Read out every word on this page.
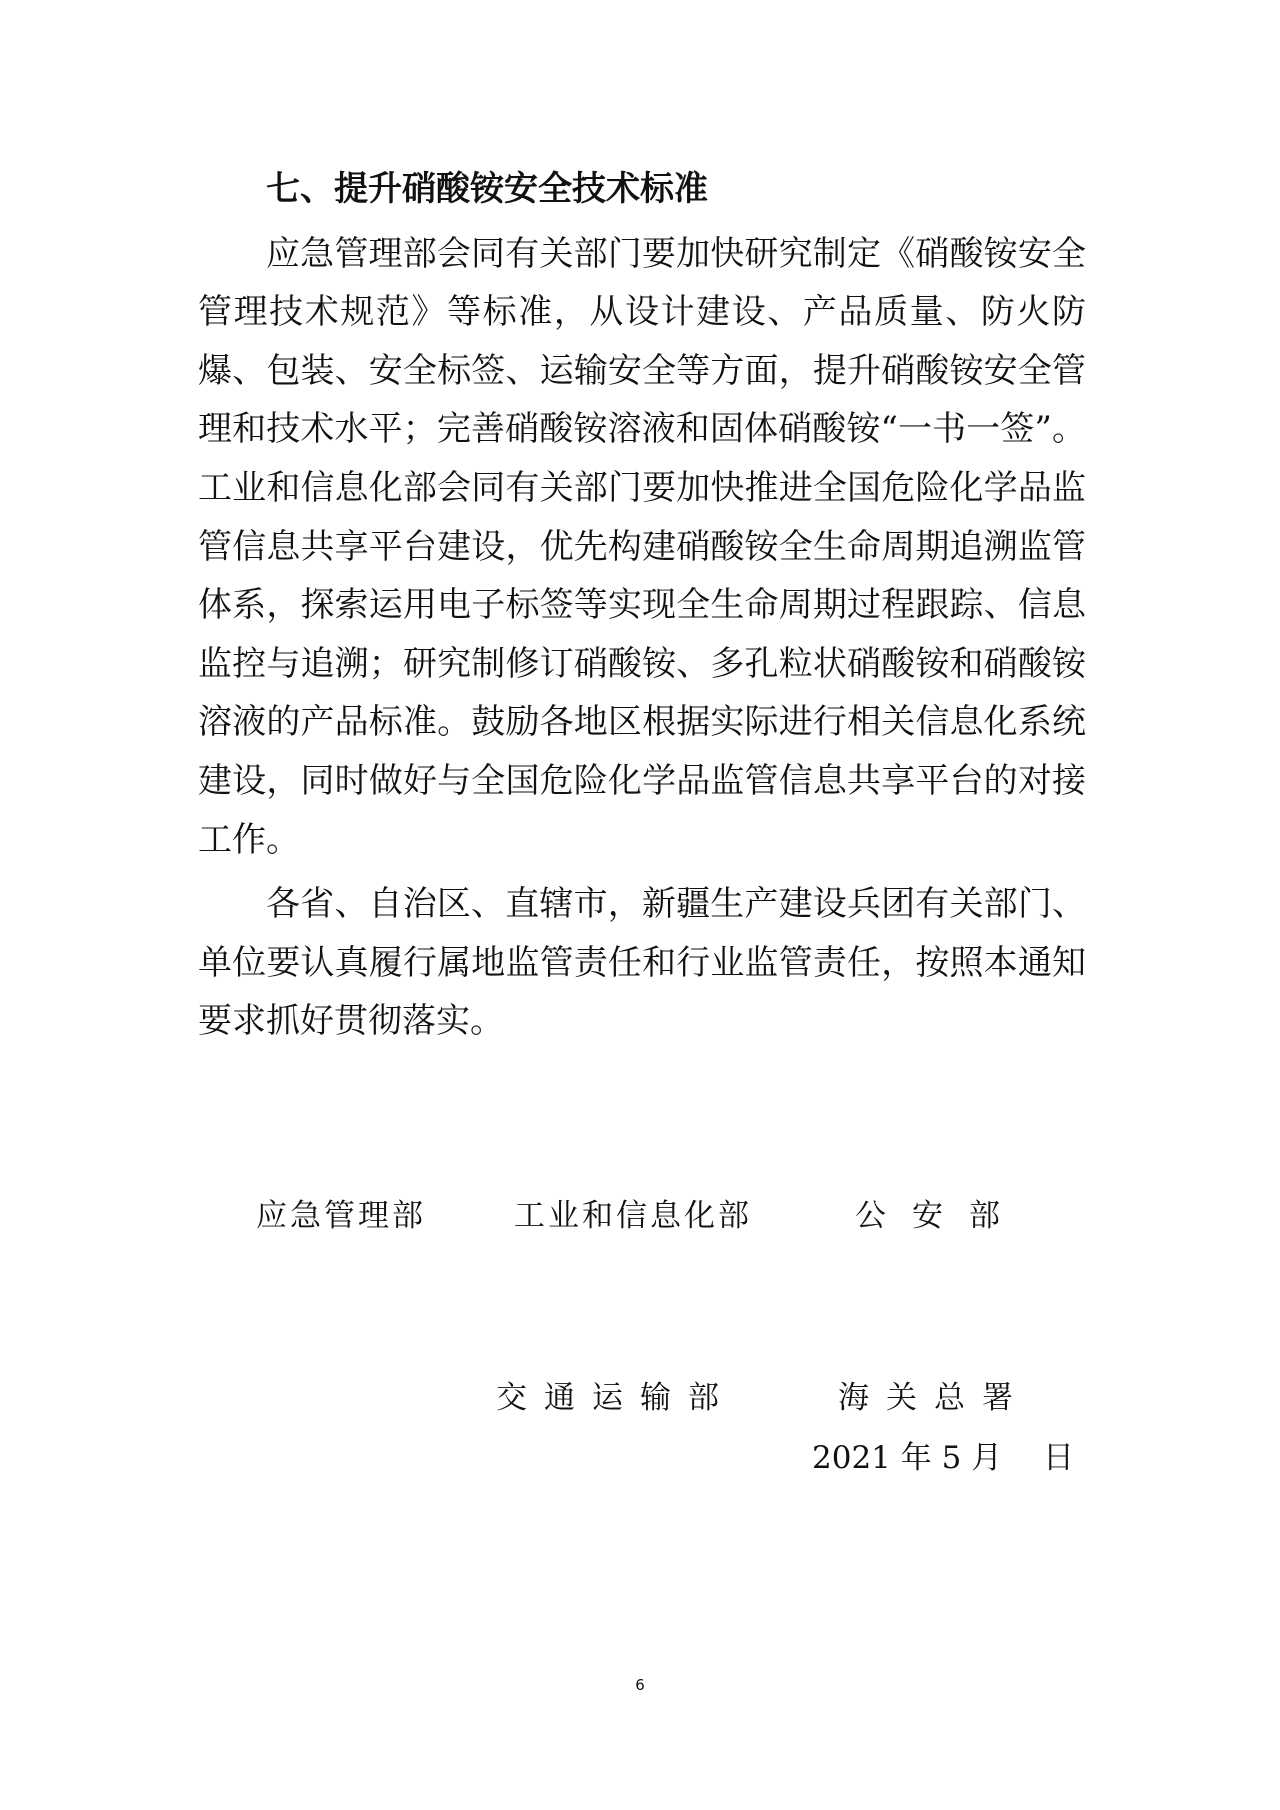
七、提升硝酸铵安全技术标准

应急管理部会同有关部门要加快研究制定《硝酸铵安全管理技术规范》等标准，从设计建设、产品质量、防火防爆、包装、安全标签、运输安全等方面，提升硝酸铵安全管理和技术水平；完善硝酸铵溶液和固体硝酸铵“一书一签”。工业和信息化部会同有关部门要加快推进全国危险化学品监管信息共享平台建设，优先构建硝酸铵全生命周期追溯监管体系，探索运用电子标签等实现全生命周期过程跟踪、信息监控与追溯；研究制修订硝酸铵、多孔粒状硝酸铵和硝酸铵溶液的产品标准。鼓励各地区根据实际进行相关信息化系统建设，同时做好与全国危险化学品监管信息共享平台的对接工作。

各省、自治区、直辖市，新疆生产建设兵团有关部门、单位要认真履行属地监管责任和行业监管责任，按照本通知要求抓好贯彻落实。

应急管理部	工业和信息化部	公安部
交通运输部	海关总署
2021 年 5 月　 日
6
